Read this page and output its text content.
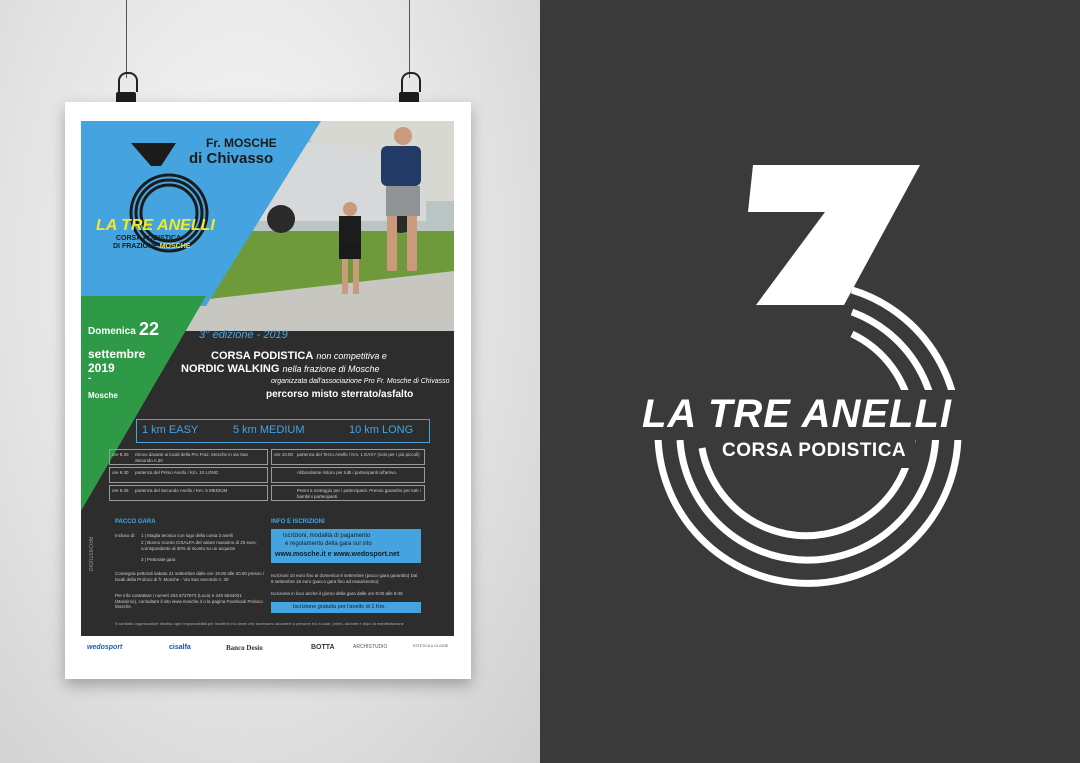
Fr. MOSCHE
di Chivasso
LA TRE ANELLI
CORSA PODISTICA
DI FRAZIONE MOSCHE
Domenica 22
settembre
2019
-
Mosche
3° edizione - 2019
CORSA PODISTICA non competitiva e
NORDIC WALKING nella frazione di Mosche
organizzata dall'associazione Pro Fr. Mosche di Chivasso
percorso misto sterrato/asfalto
1 km EASY	5 km MEDIUM	10 km LONG
ore 8.30 ritrovo davanti ai locali della Pro Fraz. Mosche in via San Secondo n.30
ore 9.30 partenza del Primo Anello / Km. 10 LONG
ore 9.45 partenza del Secondo Anello / Km. 5 MEDIUM
ore 10.00 partenza del Terzo Anello / Km. 1 EASY (solo per i più piccoli)
Abbondante ristoro per tutti i partecipanti all'arrivo.
Premi a sorteggio per i partecipanti. Premio garantito per tutti i bambini partecipanti.
PACCO GARA
Incluso di: 1 | Maglia tecnica con logo della corsa 3 anelli
2 | Buono sconto CISALFA del valore massimo di 25 euro, corrispondente al 30% di sconto su un acquisto
3 | Pettorale gara
Consegna pettorali sabato 21 settembre dalle ore 18.00 alle 20.00 presso i locali della Proloco di fr. Mosche - Via San secondo n. 30
Per info contattare i numeri 334 6727673 (Luca) e 340 5544021 (Massimo), consultare il sito www.mosche.it o la pagina Facebook Proloco Mosche.
INFO E ISCRIZIONI
Iscrizioni, modalità di pagamento
e regolamento della gara sul sito
www.mosche.it e www.wedosport.net
Iscrizioni 10 euro fino al domenica 8 settembre (pacco gara garantito) Dal 9 settembre 15 euro (pacco gara fino ad esaurimento)
Iscrizione in loco anche il giorno della gara dalle ore 8:00 alle 8:45
Iscrizione gratuita per l'anello di 1 Km.
Il comitato organizzatore declina ogni responsabilità per incidenti e/o danni che dovessero accadere a persone e/o a cose, prima, durante e dopo la manifestazione
ARCHISTUDIO
wedosport	cisalfa	Banco Desio	BOTTA	ARCHISTUDIO	ESTETICA & GLICINE
LA TRE ANELLI
CORSA PODISTICA
